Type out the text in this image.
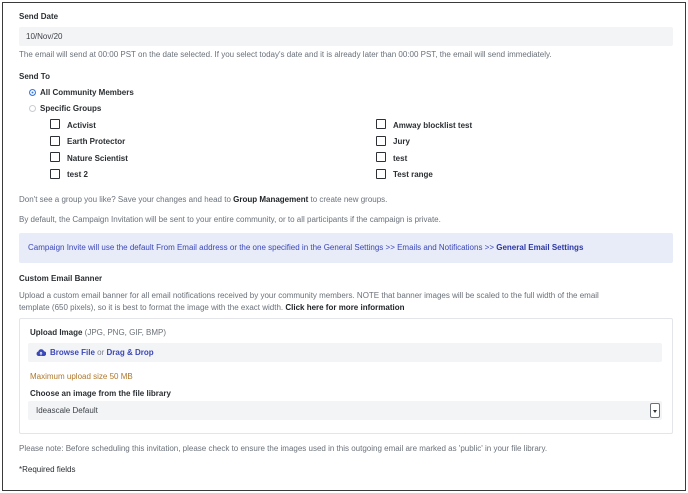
Send Date
10/Nov/20
The email will send at 00:00 PST on the date selected. If you select today's date and it is already later than 00:00 PST, the email will send immediately.
Send To
All Community Members
Specific Groups
Activist
Earth Protector
Nature Scientist
test 2
Amway blocklist test
Jury
test
Test range
Don't see a group you like? Save your changes and head to Group Management to create new groups.
By default, the Campaign Invitation will be sent to your entire community, or to all participants if the campaign is private.
Campaign Invite will use the default From Email address or the one specified in the General Settings >> Emails and Notifications >> General Email Settings
Custom Email Banner
Upload a custom email banner for all email notifications received by your community members. NOTE that banner images will be scaled to the full width of the email
template (650 pixels), so it is best to format the image with the exact width. Click here for more information
Upload Image (JPG, PNG, GIF, BMP)
Browse File or Drag & Drop
Maximum upload size 50 MB
Choose an image from the file library
Ideascale Default
Please note: Before scheduling this invitation, please check to ensure the images used in this outgoing email are marked as 'public' in your file library.
*Required fields
